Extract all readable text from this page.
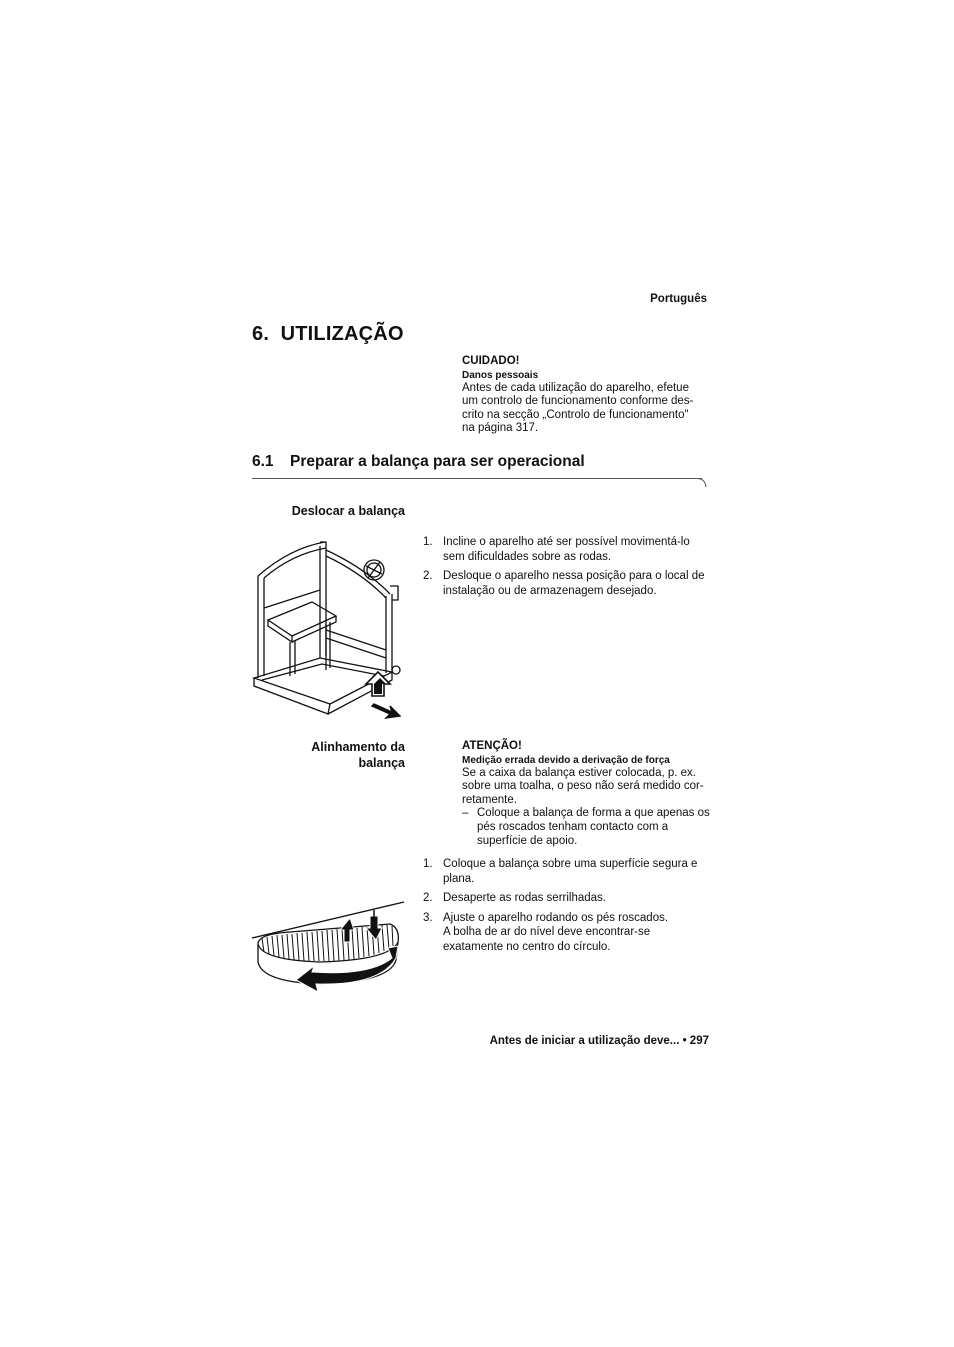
Português
6. UTILIZAÇÃO
CUIDADO!
Danos pessoais
Antes de cada utilização do aparelho, efetue
um controlo de funcionamento conforme des-
crito na secção „Controlo de funcionamento"
na página 317.
6.1 Preparar a balança para ser operacional
Deslocar a balança
1. Incline o aparelho até ser possível movimentá-lo
sem dificuldades sobre as rodas.
2. Desloque o aparelho nessa posição para o local de
instalação ou de armazenagem desejado.
Alinhamento da
balança
ATENÇÃO!
Medição errada devido a derivação de força
Se a caixa da balança estiver colocada, p. ex.
sobre uma toalha, o peso não será medido cor-
retamente.
– Coloque a balança de forma a que apenas os
pés roscados tenham contacto com a
superfície de apoio.
1. Coloque a balança sobre uma superfície segura e
plana.
2. Desaperte as rodas serrilhadas.
3. Ajuste o aparelho rodando os pés roscados.
A bolha de ar do nível deve encontrar-se
exatamente no centro do círculo.
Antes de iniciar a utilização deve... • 297
